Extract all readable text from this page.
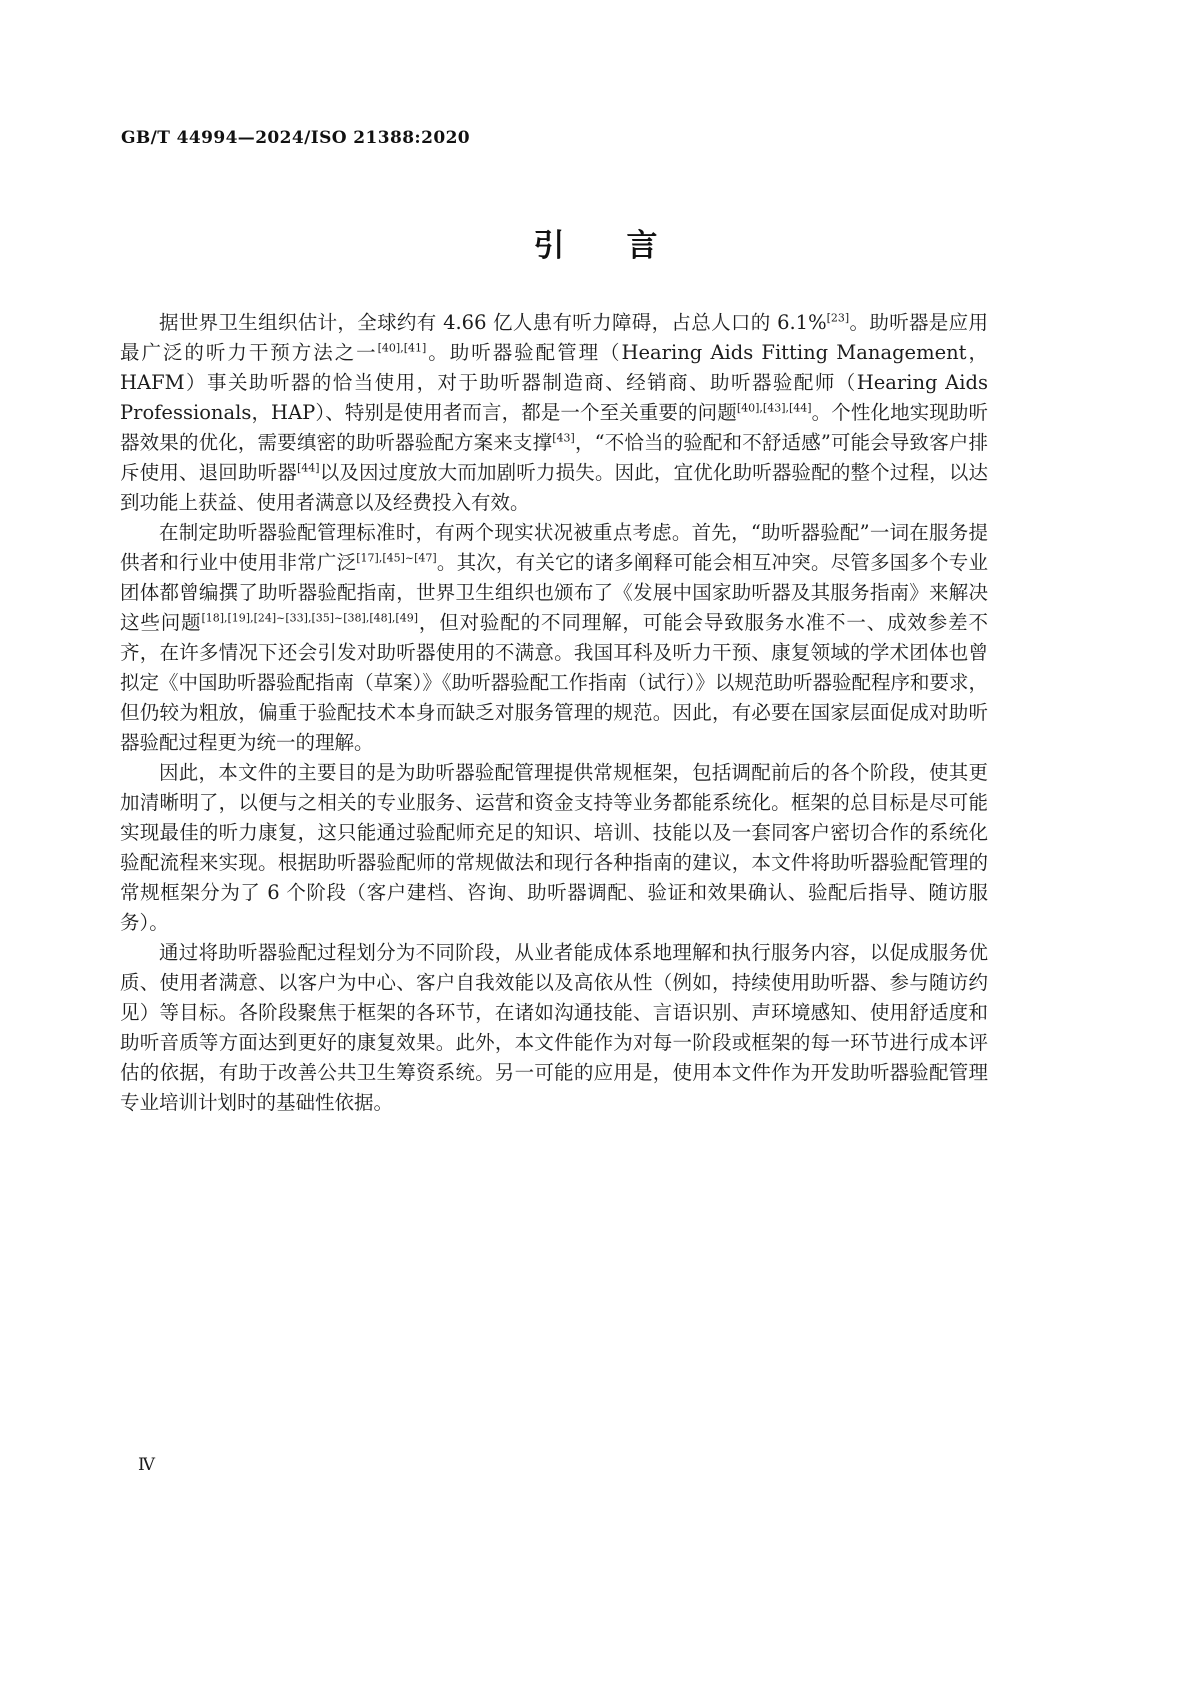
GB/T 44994—2024/ISO 21388:2020
引　　言

据世界卫生组织估计，全球约有 4.66 亿人患有听力障碍，占总人口的 6.1%[23]。助听器是应用最广泛的听力干预方法之一[40],[41]。助听器验配管理（Hearing Aids Fitting Management，HAFM）事关助听器的恰当使用，对于助听器制造商、经销商、助听器验配师（Hearing Aids Professionals，HAP）、特别是使用者而言，都是一个至关重要的问题[40],[43],[44]。个性化地实现助听器效果的优化，需要缜密的助听器验配方案来支撑[43]，“不恰当的验配和不舒适感”可能会导致客户排斥使用、退回助听器[44]以及因过度放大而加剧听力损失。因此，宜优化助听器验配的整个过程，以达到功能上获益、使用者满意以及经费投入有效。

在制定助听器验配管理标准时，有两个现实状况被重点考虑。首先，“助听器验配”一词在服务提供者和行业中使用非常广泛[17],[45]~[47]。其次，有关它的诸多阐释可能会相互冲突。尽管多国多个专业团体都曾编撰了助听器验配指南，世界卫生组织也颁布了《发展中国家助听器及其服务指南》来解决这些问题[18],[19],[24]~[33],[35]~[38],[48],[49]，但对验配的不同理解，可能会导致服务水准不一、成效参差不齐，在许多情况下还会引发对助听器使用的不满意。我国耳科及听力干预、康复领域的学术团体也曾拟定《中国助听器验配指南（草案）》《助听器验配工作指南（试行）》以规范助听器验配程序和要求，但仍较为粗放，偏重于验配技术本身而缺乏对服务管理的规范。因此，有必要在国家层面促成对助听器验配过程更为统一的理解。

因此，本文件的主要目的是为助听器验配管理提供常规框架，包括调配前后的各个阶段，使其更加清晰明了，以便与之相关的专业服务、运营和资金支持等业务都能系统化。框架的总目标是尽可能实现最佳的听力康复，这只能通过验配师充足的知识、培训、技能以及一套同客户密切合作的系统化验配流程来实现。根据助听器验配师的常规做法和现行各种指南的建议，本文件将助听器验配管理的常规框架分为了 6 个阶段（客户建档、咨询、助听器调配、验证和效果确认、验配后指导、随访服务）。

通过将助听器验配过程划分为不同阶段，从业者能成体系地理解和执行服务内容，以促成服务优质、使用者满意、以客户为中心、客户自我效能以及高依从性（例如，持续使用助听器、参与随访约见）等目标。各阶段聚焦于框架的各环节，在诸如沟通技能、言语识别、声环境感知、使用舒适度和助听音质等方面达到更好的康复效果。此外，本文件能作为对每一阶段或框架的每一环节进行成本评估的依据，有助于改善公共卫生筹资系统。另一可能的应用是，使用本文件作为开发助听器验配管理专业培训计划时的基础性依据。

Ⅳ
